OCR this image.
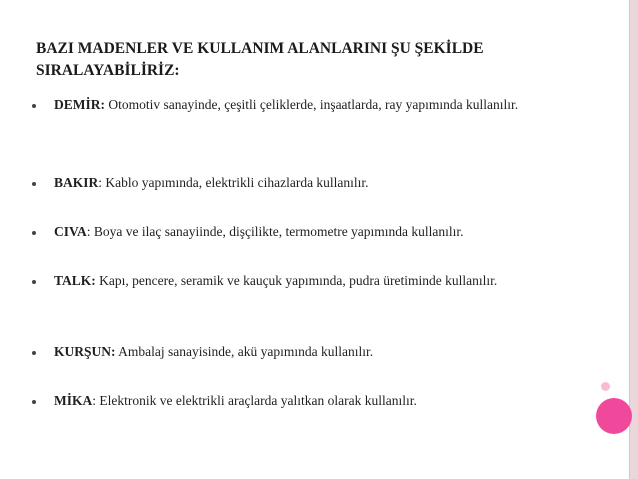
BAZI MADENLER VE KULLANIM ALANLARINI ŞU ŞEKİLDE
SIRALAYABİLİRİZ:
DEMİR: Otomotiv sanayinde, çeşitli çeliklerde, inşaatlarda, ray yapımında kullanılır.
BAKIR: Kablo yapımında, elektrikli cihazlarda kullanılır.
CIVA: Boya ve ilaç sanayiinde, dişçilikte, termometre yapımında kullanılır.
TALK: Kapı, pencere, seramik ve kauçuk yapımında, pudra üretiminde kullanılır.
KURŞUN: Ambalaj sanayisinde, akü yapımında kullanılır.
MİKA: Elektronik ve elektrikli araçlarda yalıtkan olarak kullanılır.
